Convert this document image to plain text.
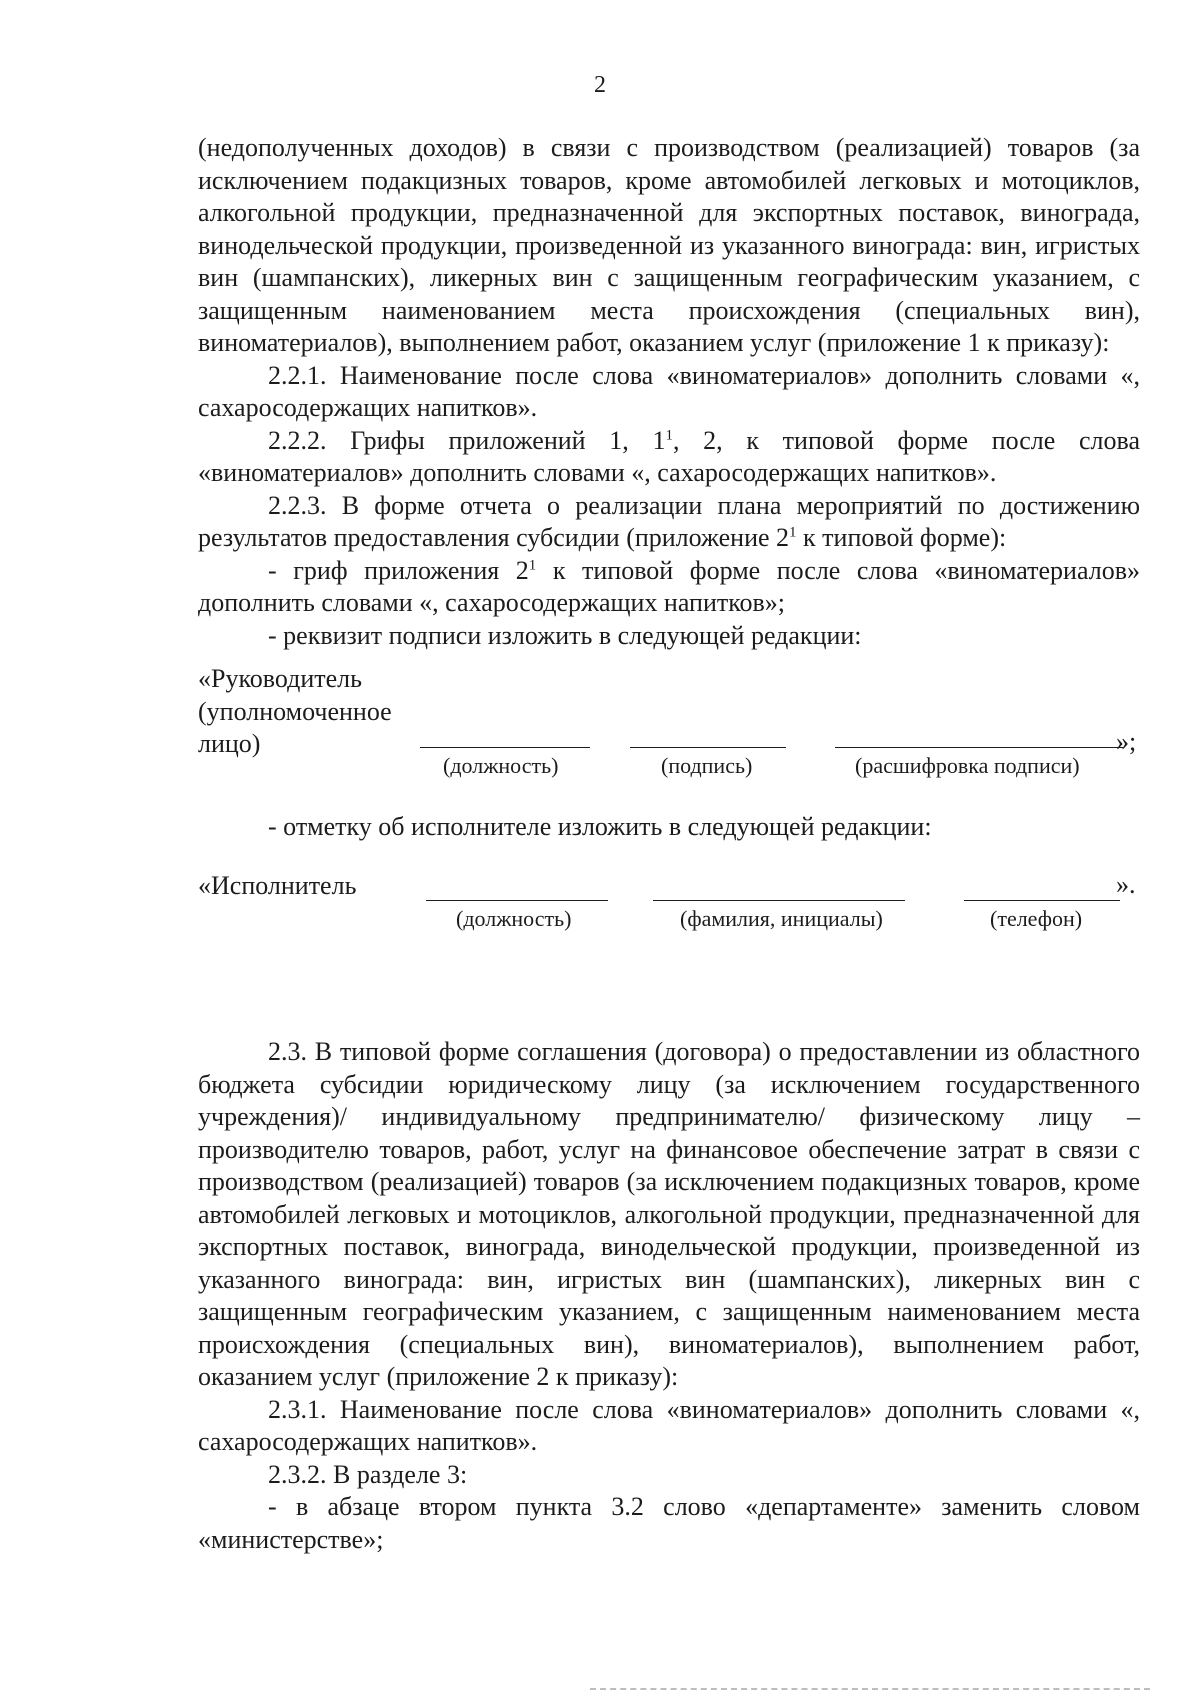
2

(недополученных доходов) в связи с производством (реализацией) товаров (за исключением подакцизных товаров, кроме автомобилей легковых и мотоциклов, алкогольной продукции, предназначенной для экспортных поставок, винограда, винодельческой продукции, произведенной из указанного винограда: вин, игристых вин (шампанских), ликерных вин с защищенным географическим указанием, с защищенным наименованием места происхождения (специальных вин), виноматериалов), выполнением работ, оказанием услуг (приложение 1 к приказу):

2.2.1. Наименование после слова «виноматериалов» дополнить словами «, сахаросодержащих напитков».

2.2.2. Грифы приложений 1, $1^1$, 2, к типовой форме после слова «виноматериалов» дополнить словами «, сахаросодержащих напитков».

2.2.3. В форме отчета о реализации плана мероприятий по достижению результатов предоставления субсидии (приложение $2^1$ к типовой форме):

- гриф приложения $2^1$ к типовой форме после слова «виноматериалов» дополнить словами «, сахаросодержащих напитков»;

- реквизит подписи изложить в следующей редакции:

«Руководитель
(уполномоченное
лицо)	»;
(должность)	(подпись)	(расшифровка подписи)
- отметку об исполнителе изложить в следующей редакции:
«Исполнитель	».
(должность)	(фамилия, инициалы)	(телефон)

2.3. В типовой форме соглашения (договора) о предоставлении из областного бюджета субсидии юридическому лицу (за исключением государственного учреждения)/ индивидуальному предпринимателю/ физическому лицу – производителю товаров, работ, услуг на финансовое обеспечение затрат в связи с производством (реализацией) товаров (за исключением подакцизных товаров, кроме автомобилей легковых и мотоциклов, алкогольной продукции, предназначенной для экспортных поставок, винограда, винодельческой продукции, произведенной из указанного винограда: вин, игристых вин (шампанских), ликерных вин с защищенным географическим указанием, с защищенным наименованием места происхождения (специальных вин), виноматериалов), выполнением работ, оказанием услуг (приложение 2 к приказу):

2.3.1. Наименование после слова «виноматериалов» дополнить словами «, сахаросодержащих напитков».

2.3.2. В разделе 3:

- в абзаце втором пункта 3.2 слово «департаменте» заменить словом «министерстве»;
